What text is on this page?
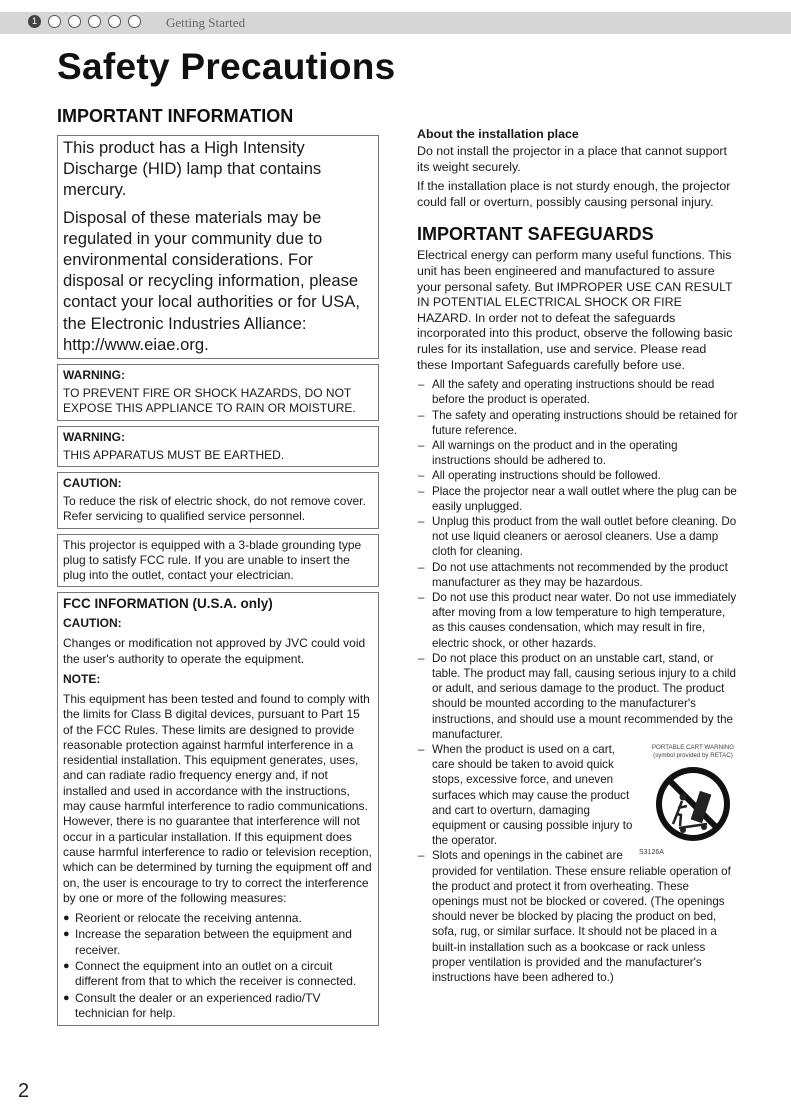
1	Getting Started
Safety Precautions
IMPORTANT INFORMATION

This product has a High Intensity Discharge (HID) lamp that contains mercury.

Disposal of these materials may be regulated in your community due to environmental considerations. For disposal or recycling information, please contact your local authorities or for USA, the Electronic Industries Alliance: http://www.eiae.org.

WARNING:

TO PREVENT FIRE OR SHOCK HAZARDS, DO NOT EXPOSE THIS APPLIANCE TO RAIN OR MOISTURE.

WARNING:

THIS APPARATUS MUST BE EARTHED.

CAUTION:

To reduce the risk of electric shock, do not remove cover. Refer servicing to qualified service personnel.

This projector is equipped with a 3-blade grounding type plug to satisfy FCC rule. If you are unable to insert the plug into the outlet, contact your electrician.

FCC INFORMATION (U.S.A. only)

CAUTION:

Changes or modification not approved by JVC could void the user's authority to operate the equipment.

NOTE:

This equipment has been tested and found to comply with the limits for Class B digital devices, pursuant to Part 15 of the FCC Rules. These limits are designed to provide reasonable protection against harmful interference in a residential installation. This equipment generates, uses, and can radiate radio frequency energy and, if not installed and used in accordance with the instructions, may cause harmful interference to radio communications. However, there is no guarantee that interference will not occur in a particular installation. If this equipment does cause harmful interference to radio or television reception, which can be determined by turning the equipment off and on, the user is encourage to try to correct the interference by one or more of the following measures:

● Reorient or relocate the receiving antenna.
● Increase the separation between the equipment and receiver.
● Connect the equipment into an outlet on a circuit different from that to which the receiver is connected.
● Consult the dealer or an experienced radio/TV technician for help.

About the installation place

Do not install the projector in a place that cannot support its weight securely.

If the installation place is not sturdy enough, the projector could fall or overturn, possibly causing personal injury.

IMPORTANT SAFEGUARDS

Electrical energy can perform many useful functions. This unit has been engineered and manufactured to assure your personal safety. But IMPROPER USE CAN RESULT IN POTENTIAL ELECTRICAL SHOCK OR FIRE HAZARD. In order not to defeat the safeguards incorporated into this product, observe the following basic rules for its installation, use and service. Please read these Important Safeguards carefully before use.

– All the safety and operating instructions should be read before the product is operated.
– The safety and operating instructions should be retained for future reference.
– All warnings on the product and in the operating instructions should be adhered to.
– All operating instructions should be followed.
– Place the projector near a wall outlet where the plug can be easily unplugged.
– Unplug this product from the wall outlet before cleaning. Do not use liquid cleaners or aerosol cleaners. Use a damp cloth for cleaning.
– Do not use attachments not recommended by the product manufacturer as they may be hazardous.
– Do not use this product near water. Do not use immediately after moving from a low temperature to high temperature, as this causes condensation, which may result in fire, electric shock, or other hazards.
– Do not place this product on an unstable cart, stand, or table. The product may fall, causing serious injury to a child or adult, and serious damage to the product. The product should be mounted according to the manufacturer's instructions, and should use a mount recommended by the manufacturer.
PORTABLE CART WARNING
(symbol provided by RETAC)
S3126A
– When the product is used on a cart, care should be taken to avoid quick stops, excessive force, and uneven surfaces which may cause the product and cart to overturn, damaging equipment or causing possible injury to the operator.
– Slots and openings in the cabinet are provided for ventilation. These ensure reliable operation of the product and protect it from overheating. These openings must not be blocked or covered. (The openings should never be blocked by placing the product on bed, sofa, rug, or similar surface. It should not be placed in a built-in installation such as a bookcase or rack unless proper ventilation is provided and the manufacturer's instructions have been adhered to.)
2
